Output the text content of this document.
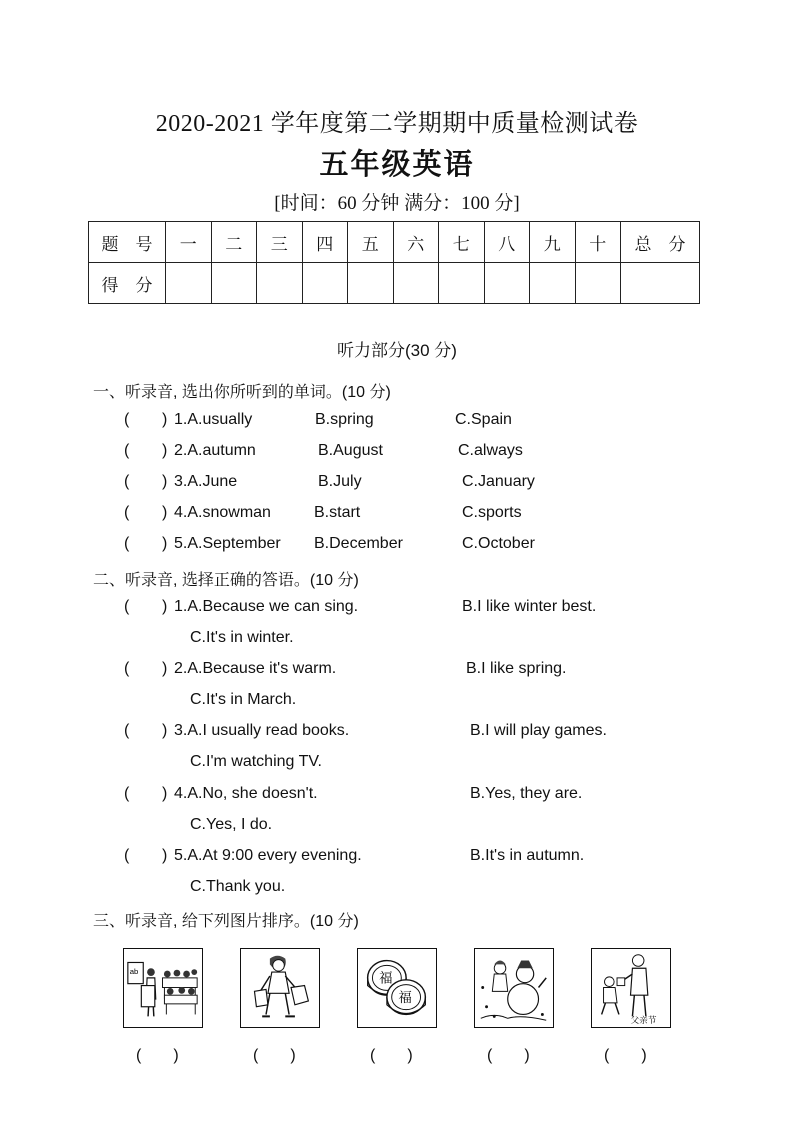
2020-2021 学年度第二学期期中质量检测试卷
五年级英语
[时间：60 分钟 满分：100 分]
题　号	一	二	三	四	五	六	七	八	九	十	总　分
得　分											
听力部分(30 分)
一、听录音, 选出你所听到的单词。(10 分)
( ) 1.A.usually	B.spring	C.Spain
( ) 2.A.autumn	B.August	C.always
( ) 3.A.June	B.July	C.January
( ) 4.A.snowman	B.start	C.sports
( ) 5.A.September B.December	C.October
二、听录音, 选择正确的答语。(10 分)
( ) 1.A.Because we can sing.	B.I like winter best.
C.It's in winter.
( ) 2.A.Because it's warm.	B.I like spring.
C.It's in March.
( ) 3.A.I usually read books.	B.I will play games.
C.I'm watching TV.
( ) 4.A.No, she doesn't.	B.Yes, they are.
C.Yes, I do.
( ) 5.A.At 9:00 every evening.	B.It's in autumn.
C.Thank you.
三、听录音, 给下列图片排序。(10 分)
ab	福
福
父亲节
(　　)	(　　)	(　　)	(　　)	(　　)
